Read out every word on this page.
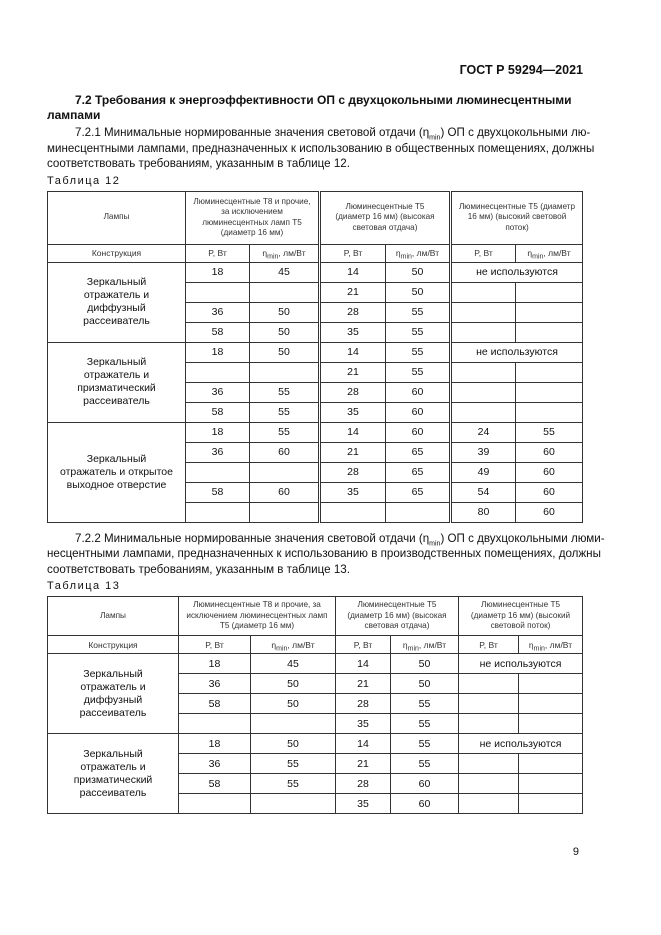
ГОСТ Р 59294—2021
7.2 Требования к энергоэффективности ОП с двухцокольными люминесцентными лампами
7.2.1 Минимальные нормированные значения световой отдачи $(\eta_{min})$ ОП с двухцокольными лю-
минесцентными лампами, предназначенных к использованию в общественных помещениях, должны
соответствовать требованиям, указанным в таблице 12.
Таблица 12
Лампы	Люминесцентные Т8 и прочие, за исключением люминесцентных ламп Т5 (диаметр 16 мм)		Люминесцентные Т5 (диаметр 16 мм) (высокая световая отдача)		Люминесцентные Т5 (диаметр 16 мм) (высокий световой поток)	
Конструкция	P, Вт	$\eta_{min}$, лм/Вт	P, Вт	$\eta_{min}$, лм/Вт	P, Вт	$\eta_{min}$, лм/Вт
Зеркальный отражатель и диффузный рассеиватель	18	45	14	50	не используются	
			21	50		
	36	50	28	55		
	58	50	35	55		
Зеркальный отражатель и призматический рассеиватель	18	50	14	55	не используются	
			21	55		
	36	55	28	60		
	58	55	35	60		
Зеркальный отражатель и открытое выходное отверстие	18	55	14	60	24	55
	36	60	21	65	39	60
			28	65	49	60
	58	60	35	65	54	60
					80	60
7.2.2 Минимальные нормированные значения световой отдачи $(\eta_{min})$ ОП с двухцокольными люми-
несцентными лампами, предназначенных к использованию в производственных помещениях, должны
соответствовать требованиям, указанным в таблице 13.
Таблица 13
Лампы	Люминесцентные Т8 и прочие, за исключением люминесцентных ламп Т5 (диаметр 16 мм)		Люминесцентные Т5 (диаметр 16 мм) (высокая световая отдача)		Люминесцентные Т5 (диаметр 16 мм) (высокий световой поток)	
Конструкция	P, Вт	$\eta_{min}$, лм/Вт	P, Вт	$\eta_{min}$, лм/Вт	P, Вт	$\eta_{min}$, лм/Вт
Зеркальный отражатель и диффузный рассеиватель	18	45	14	50	не используются	
	36	50	21	50		
	58	50	28	55		
			35	55		
Зеркальный отражатель и призматический рассеиватель	18	50	14	55	не используются	
	36	55	21	55		
	58	55	28	60		
			35	60		
9
